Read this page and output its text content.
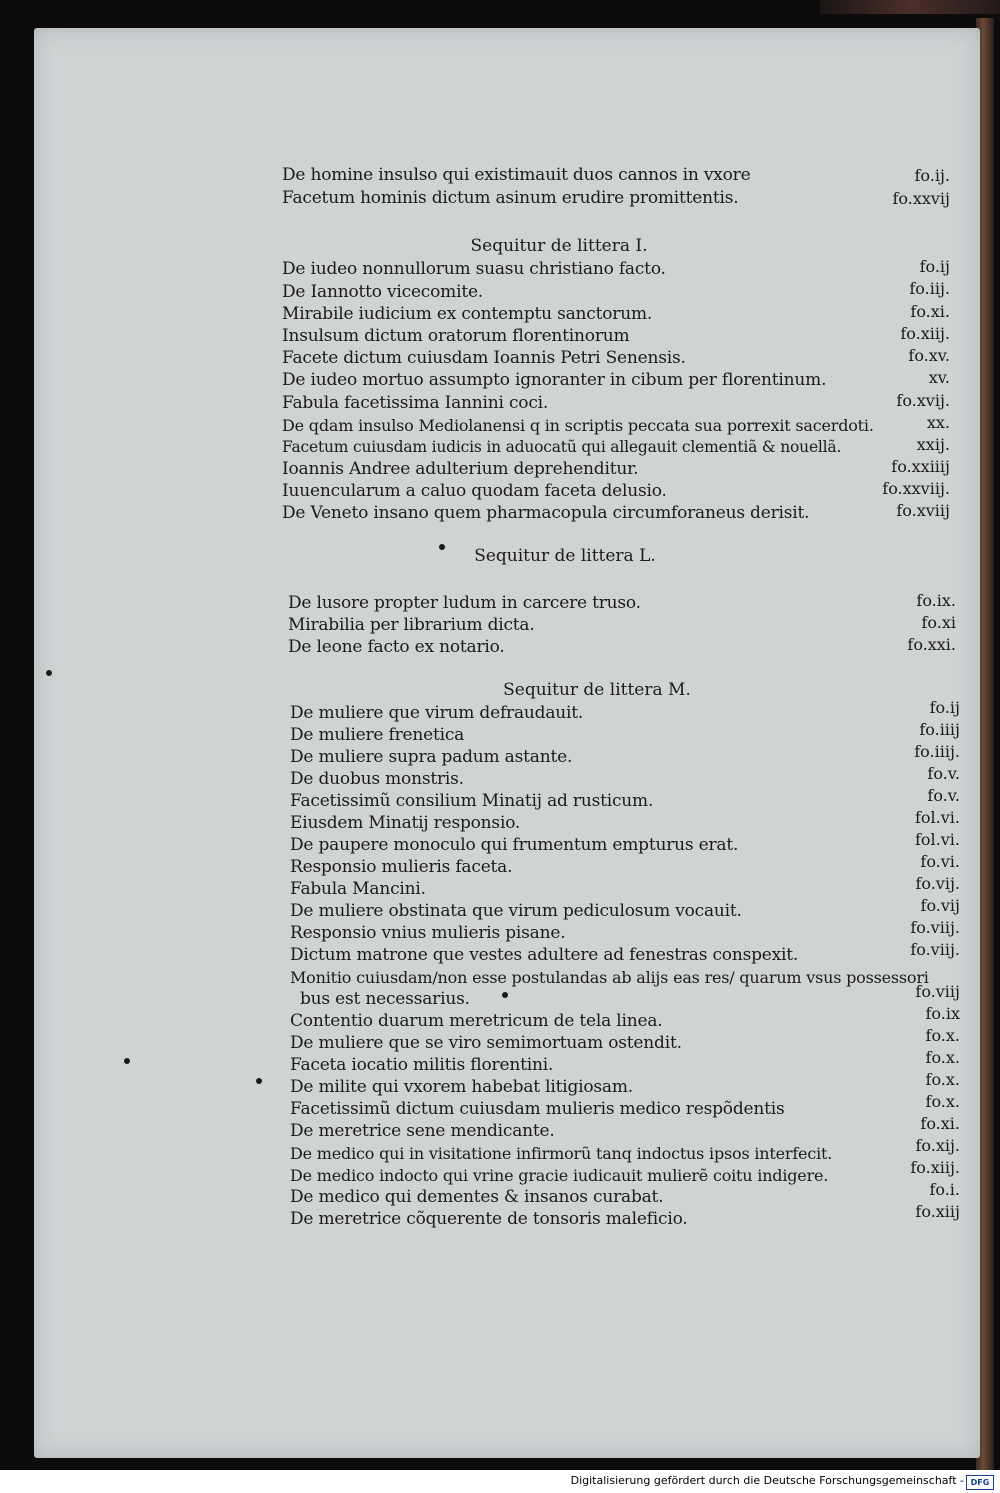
De homine insulso qui existimauit duos cannos in vxore	fo.ij.
Facetum hominis dictum asinum erudire promittentis.	fo.xxvij
Sequitur de littera I.
De iudeo nonnullorum suasu christiano facto.	fo.ij
De Iannotto vicecomite.	fo.iij.
Mirabile iudicium ex contemptu sanctorum.	fo.xi.
Insulsum dictum oratorum florentinorum	fo.xiij.
Facete dictum cuiusdam Ioannis Petri Senensis.	fo.xv.
De iudeo mortuo assumpto ignoranter in cibum per florentinum.	xv.
Fabula facetissima Iannini coci.	fo.xvij.
De qdam insulso Mediolanensi q in scriptis peccata sua porrexit sacerdoti.	xx.
Facetum cuiusdam iudicis in aduocatũ qui allegauit clementiã & nouellã.	xxij.
Ioannis Andree adulterium deprehenditur.	fo.xxiiij
Iuuencularum a caluo quodam faceta delusio.	fo.xxviij.
De Veneto insano quem pharmacopula circumforaneus derisit.	fo.xviij
Sequitur de littera L.
De lusore propter ludum in carcere truso.	fo.ix.
Mirabilia per librarium dicta.	fo.xi
De leone facto ex notario.	fo.xxi.
Sequitur de littera M.
De muliere que virum defraudauit.	fo.ij
De muliere frenetica	fo.iiij
De muliere supra padum astante.	fo.iiij.
De duobus monstris.	fo.v.
Facetissimũ consilium Minatij ad rusticum.	fo.v.
Eiusdem Minatij responsio.	fol.vi.
De paupere monoculo qui frumentum empturus erat.	fol.vi.
Responsio mulieris faceta.	fo.vi.
Fabula Mancini.	fo.vij.
De muliere obstinata que virum pediculosum vocauit.	fo.vij
Responsio vnius mulieris pisane.	fo.viij.
Dictum matrone que vestes adultere ad fenestras conspexit.	fo.viij.
Monitio cuiusdam/non esse postulandas ab alijs eas res/ quarum vsus possessori
bus est necessarius.	fo.viij
Contentio duarum meretricum de tela linea.	fo.ix
De muliere que se viro semimortuam ostendit.	fo.x.
Faceta iocatio militis florentini.	fo.x.
De milite qui vxorem habebat litigiosam.	fo.x.
Facetissimũ dictum cuiusdam mulieris medico respõdentis	fo.x.
De meretrice sene mendicante.	fo.xi.
De medico qui in visitatione infirmorũ tanq indoctus ipsos interfecit.	fo.xij.
De medico indocto qui vrine gracie iudicauit mulierẽ coitu indigere.	fo.xiij.
De medico qui dementes & insanos curabat.	fo.i.
De meretrice cõquerente de tonsoris maleficio.	fo.xiij
Digitalisierung gefördert durch die Deutsche Forschungsgemeinschaft - DFG
